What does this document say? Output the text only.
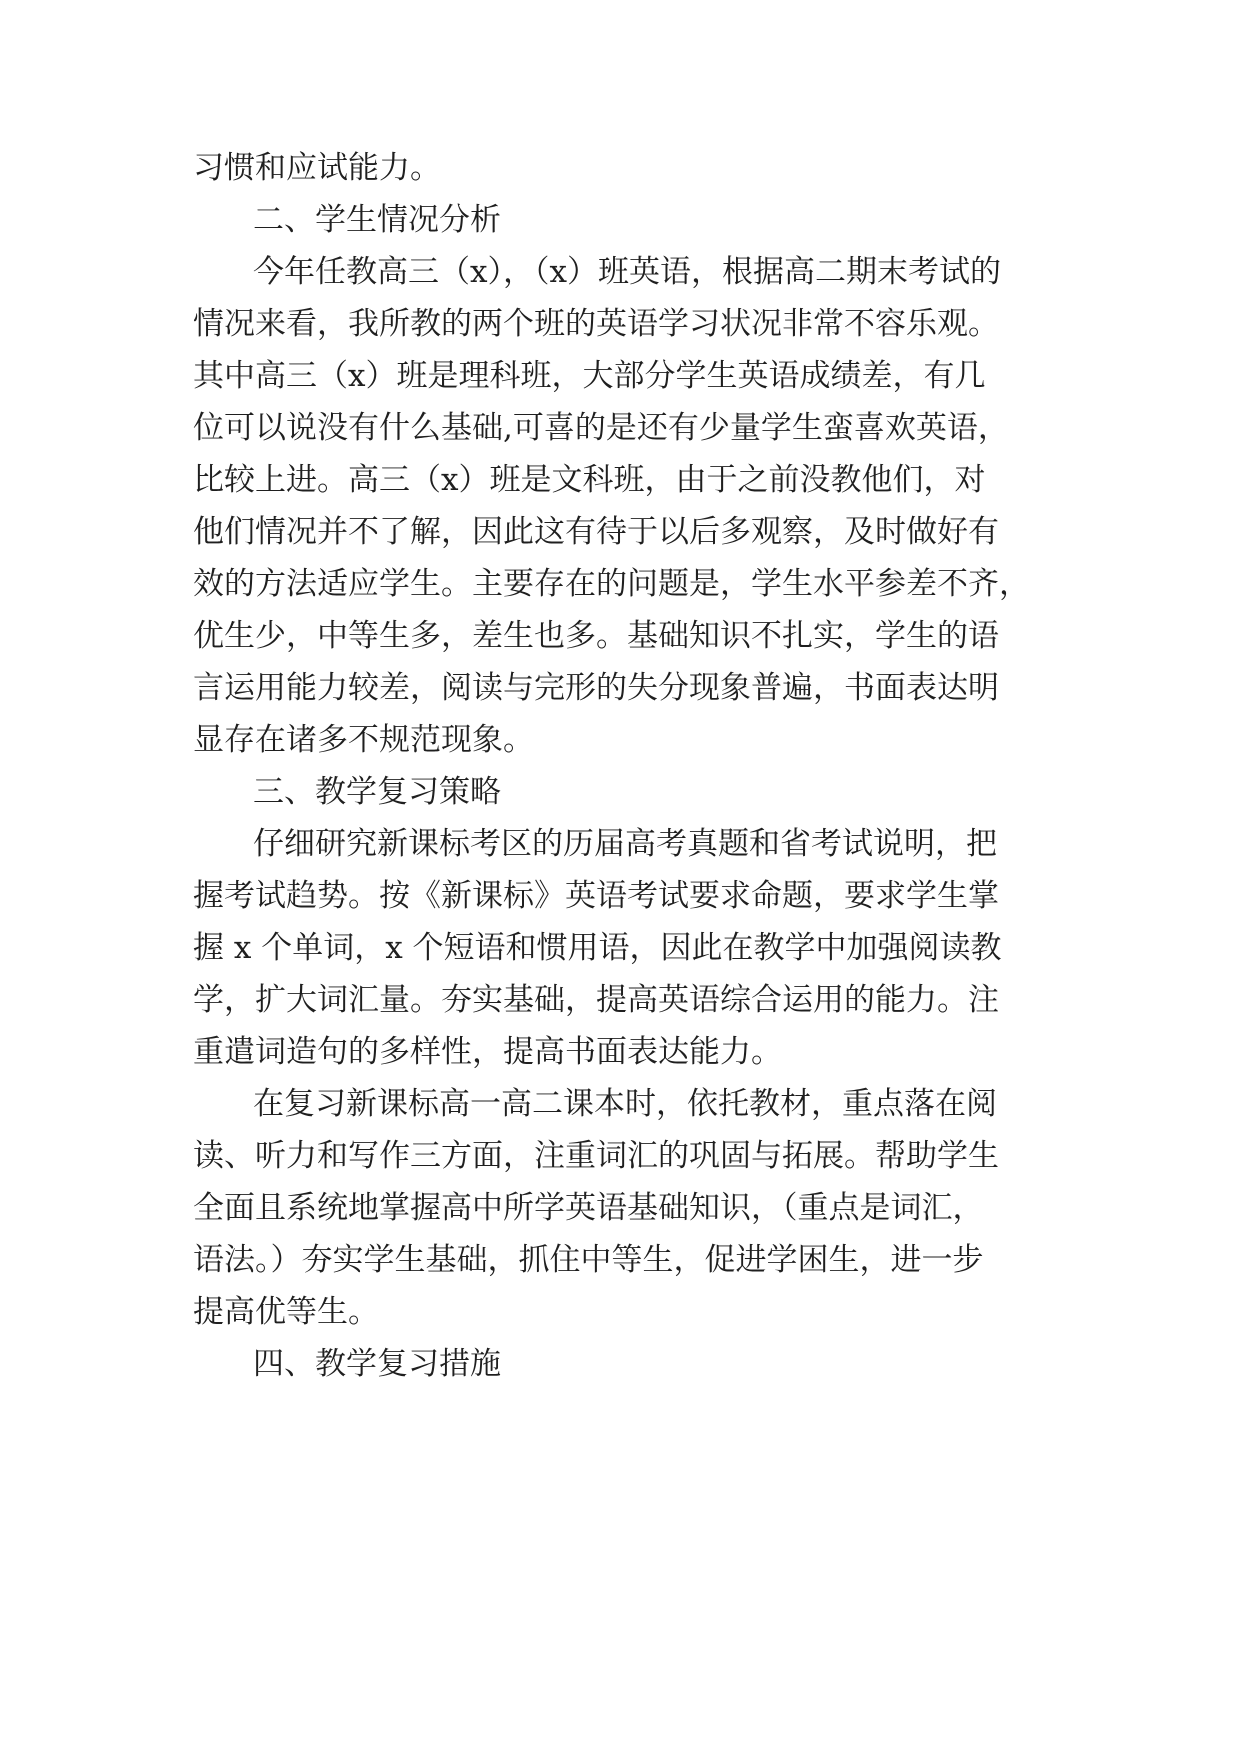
习惯和应试能力。
二、学生情况分析
今年任教高三（x），（x）班英语，根据高二期末考试的
情况来看，我所教的两个班的英语学习状况非常不容乐观。
其中高三（x）班是理科班，大部分学生英语成绩差，有几
位可以说没有什么基础,可喜的是还有少量学生蛮喜欢英语，
比较上进。高三（x）班是文科班，由于之前没教他们，对
他们情况并不了解，因此这有待于以后多观察，及时做好有
效的方法适应学生。主要存在的问题是，学生水平参差不齐，
优生少，中等生多，差生也多。基础知识不扎实，学生的语
言运用能力较差，阅读与完形的失分现象普遍，书面表达明
显存在诸多不规范现象。
三、教学复习策略
仔细研究新课标考区的历届高考真题和省考试说明，把
握考试趋势。按《新课标》英语考试要求命题，要求学生掌
握 x 个单词，x 个短语和惯用语，因此在教学中加强阅读教
学，扩大词汇量。夯实基础，提高英语综合运用的能力。注
重遣词造句的多样性，提高书面表达能力。
在复习新课标高一高二课本时，依托教材，重点落在阅
读、听力和写作三方面，注重词汇的巩固与拓展。帮助学生
全面且系统地掌握高中所学英语基础知识，（重点是词汇，
语法。）夯实学生基础，抓住中等生，促进学困生，进一步
提高优等生。
四、教学复习措施
